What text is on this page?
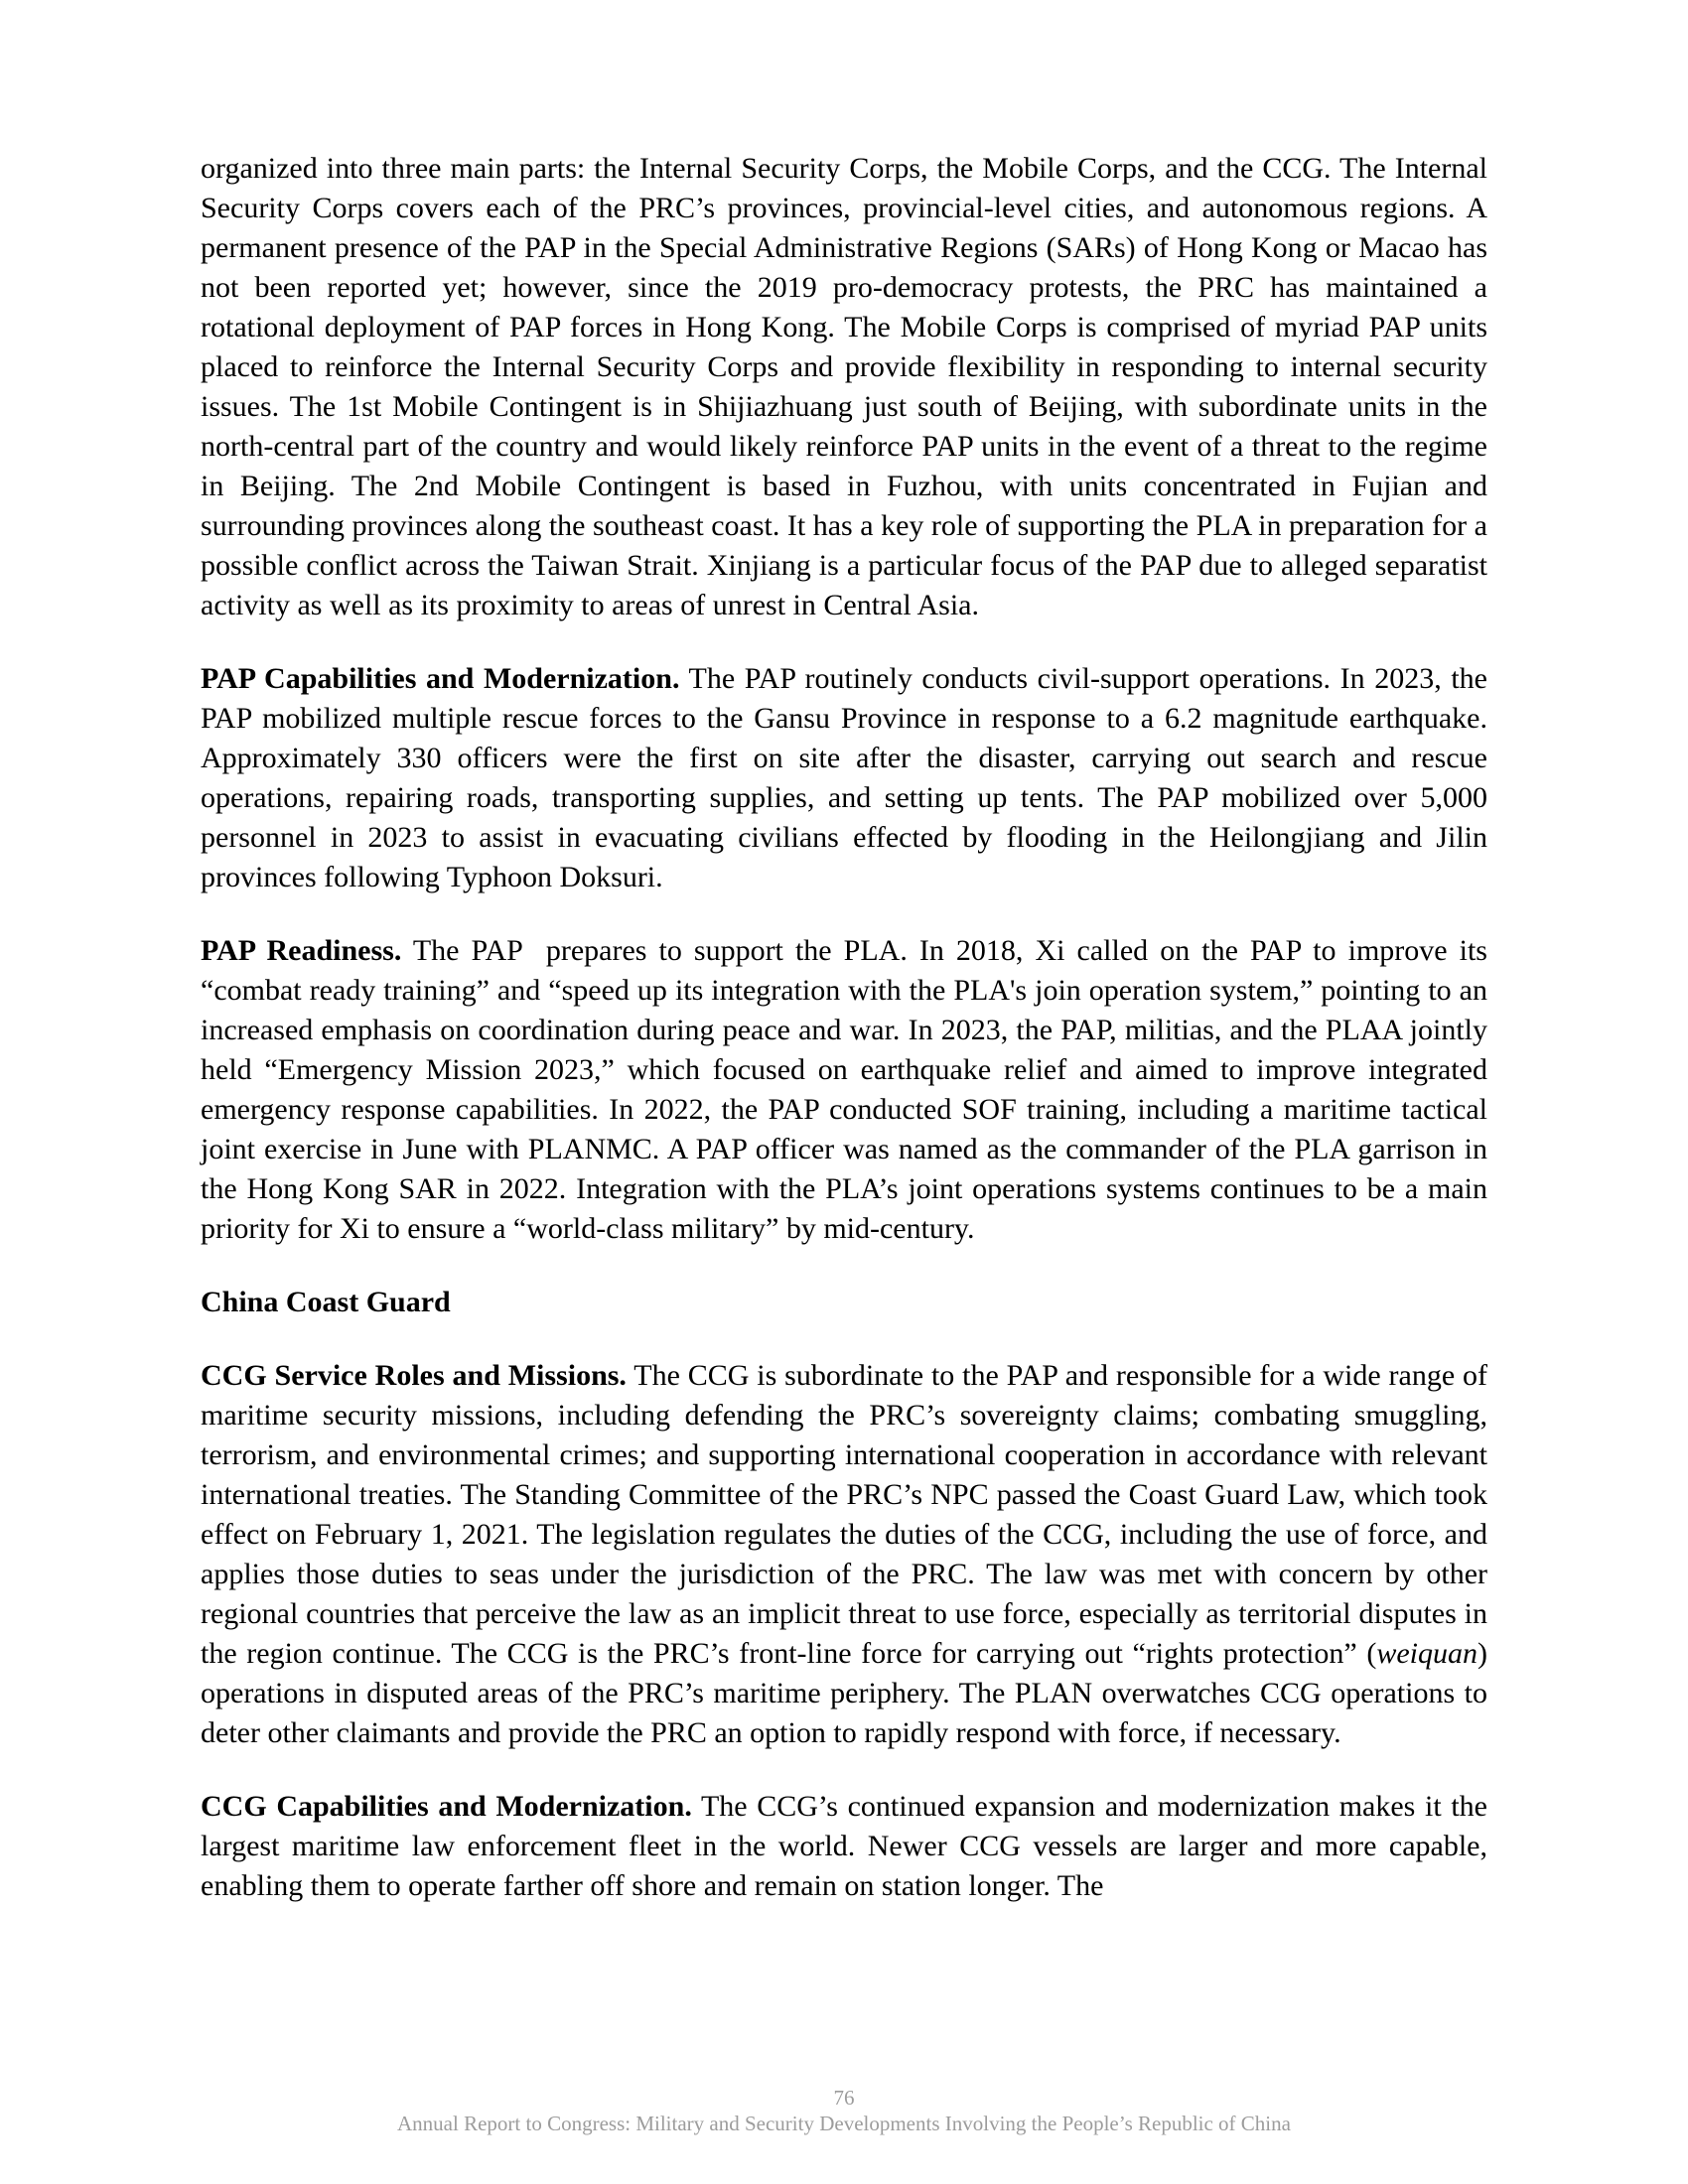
organized into three main parts: the Internal Security Corps, the Mobile Corps, and the CCG. The Internal Security Corps covers each of the PRC’s provinces, provincial-level cities, and autonomous regions. A permanent presence of the PAP in the Special Administrative Regions (SARs) of Hong Kong or Macao has not been reported yet; however, since the 2019 pro-democracy protests, the PRC has maintained a rotational deployment of PAP forces in Hong Kong. The Mobile Corps is comprised of myriad PAP units placed to reinforce the Internal Security Corps and provide flexibility in responding to internal security issues. The 1st Mobile Contingent is in Shijiazhuang just south of Beijing, with subordinate units in the north-central part of the country and would likely reinforce PAP units in the event of a threat to the regime in Beijing. The 2nd Mobile Contingent is based in Fuzhou, with units concentrated in Fujian and surrounding provinces along the southeast coast. It has a key role of supporting the PLA in preparation for a possible conflict across the Taiwan Strait. Xinjiang is a particular focus of the PAP due to alleged separatist activity as well as its proximity to areas of unrest in Central Asia.

PAP Capabilities and Modernization. The PAP routinely conducts civil-support operations. In 2023, the PAP mobilized multiple rescue forces to the Gansu Province in response to a 6.2 magnitude earthquake. Approximately 330 officers were the first on site after the disaster, carrying out search and rescue operations, repairing roads, transporting supplies, and setting up tents. The PAP mobilized over 5,000 personnel in 2023 to assist in evacuating civilians effected by flooding in the Heilongjiang and Jilin provinces following Typhoon Doksuri.

PAP Readiness. The PAP  prepares to support the PLA. In 2018, Xi called on the PAP to improve its “combat ready training” and “speed up its integration with the PLA's join operation system,” pointing to an increased emphasis on coordination during peace and war. In 2023, the PAP, militias, and the PLAA jointly held “Emergency Mission 2023,” which focused on earthquake relief and aimed to improve integrated emergency response capabilities. In 2022, the PAP conducted SOF training, including a maritime tactical joint exercise in June with PLANMC. A PAP officer was named as the commander of the PLA garrison in the Hong Kong SAR in 2022. Integration with the PLA’s joint operations systems continues to be a main priority for Xi to ensure a “world-class military” by mid-century.

China Coast Guard

CCG Service Roles and Missions. The CCG is subordinate to the PAP and responsible for a wide range of maritime security missions, including defending the PRC’s sovereignty claims; combating smuggling, terrorism, and environmental crimes; and supporting international cooperation in accordance with relevant international treaties. The Standing Committee of the PRC’s NPC passed the Coast Guard Law, which took effect on February 1, 2021. The legislation regulates the duties of the CCG, including the use of force, and applies those duties to seas under the jurisdiction of the PRC. The law was met with concern by other regional countries that perceive the law as an implicit threat to use force, especially as territorial disputes in the region continue. The CCG is the PRC’s front-line force for carrying out “rights protection” (weiquan) operations in disputed areas of the PRC’s maritime periphery. The PLAN overwatches CCG operations to deter other claimants and provide the PRC an option to rapidly respond with force, if necessary.

CCG Capabilities and Modernization. The CCG’s continued expansion and modernization makes it the largest maritime law enforcement fleet in the world. Newer CCG vessels are larger and more capable, enabling them to operate farther off shore and remain on station longer. The

76
Annual Report to Congress: Military and Security Developments Involving the People’s Republic of China
